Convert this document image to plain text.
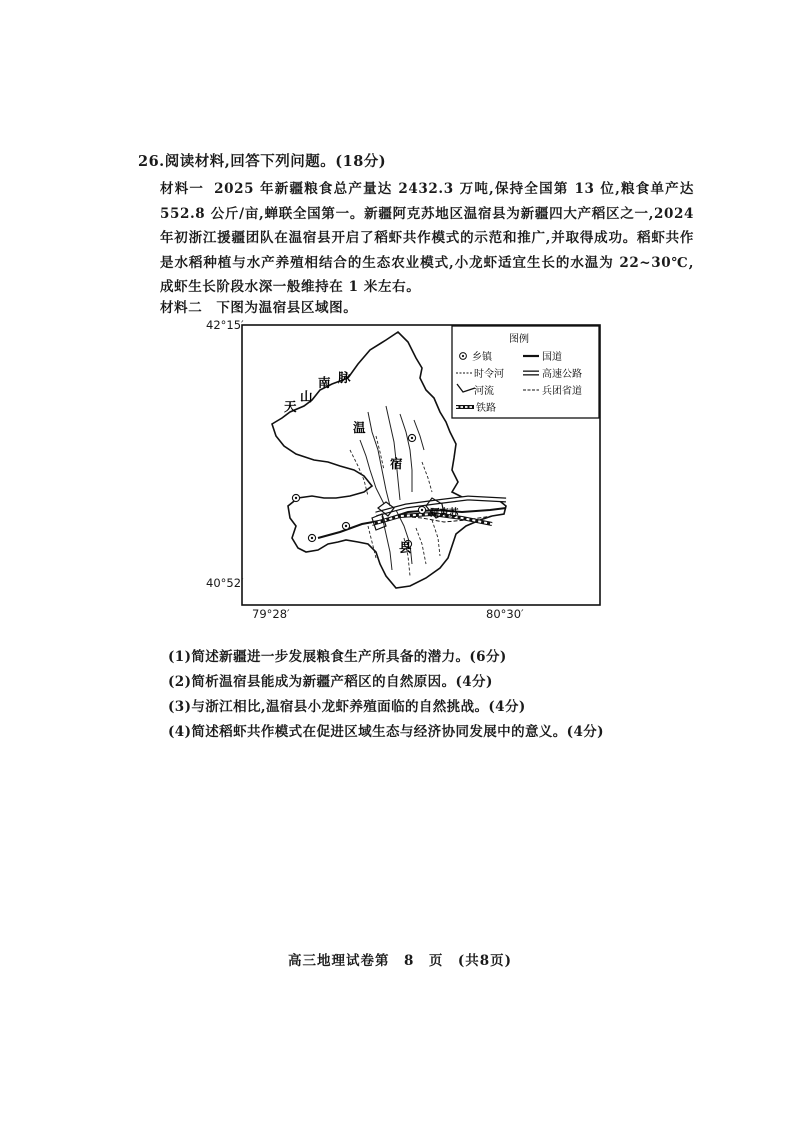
26.阅读材料,回答下列问题。(18分)
材料一 2025 年新疆粮食总产量达 2432.3 万吨,保持全国第 13 位,粮食单产达 552.8 公斤/亩,蝉联全国第一。新疆阿克苏地区温宿县为新疆四大产稻区之一,2024 年初浙江援疆团队在温宿县开启了稻虾共作模式的示范和推广,并取得成功。稻虾共作是水稻种植与水产养殖相结合的生态农业模式,小龙虾适宜生长的水温为 22~30℃,成虾生长阶段水深一般维持在 1 米左右。
材料二 下图为温宿县区域图。
天
山
南 脉
温
宿
县
阿克苏
图例
乡镇	国道
时令河	高速公路
河流	兵团省道
铁路
42°15′
40°52′
79°28′	80°30′
(1)简述新疆进一步发展粮食生产所具备的潜力。(6分)
(2)简析温宿县能成为新疆产稻区的自然原因。(4分)
(3)与浙江相比,温宿县小龙虾养殖面临的自然挑战。(4分)
(4)简述稻虾共作模式在促进区域生态与经济协同发展中的意义。(4分)
高三地理试卷第　8　页　(共8页)
